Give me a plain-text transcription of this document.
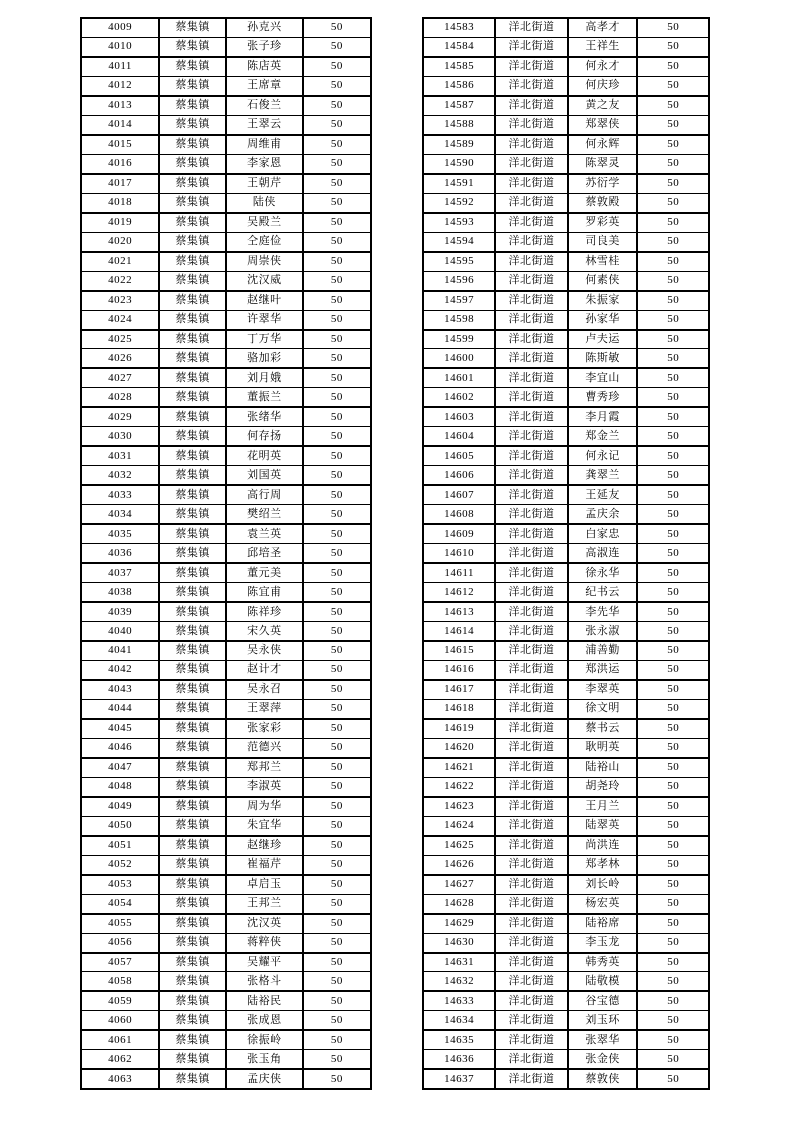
4009	蔡集镇	孙克兴	50
4010	蔡集镇	张子珍	50
4011	蔡集镇	陈店英	50
4012	蔡集镇	王席章	50
4013	蔡集镇	石俊兰	50
4014	蔡集镇	王翠云	50
4015	蔡集镇	周维甫	50
4016	蔡集镇	李家恩	50
4017	蔡集镇	王朝芹	50
4018	蔡集镇	陆侠	50
4019	蔡集镇	吴殿兰	50
4020	蔡集镇	仝庭俭	50
4021	蔡集镇	周崇侠	50
4022	蔡集镇	沈汉威	50
4023	蔡集镇	赵继叶	50
4024	蔡集镇	许翠华	50
4025	蔡集镇	丁万华	50
4026	蔡集镇	骆加彩	50
4027	蔡集镇	刘月娥	50
4028	蔡集镇	董振兰	50
4029	蔡集镇	张绪华	50
4030	蔡集镇	何存扬	50
4031	蔡集镇	花明英	50
4032	蔡集镇	刘国英	50
4033	蔡集镇	高行周	50
4034	蔡集镇	樊绍兰	50
4035	蔡集镇	袁兰英	50
4036	蔡集镇	邱培圣	50
4037	蔡集镇	董元美	50
4038	蔡集镇	陈宜甫	50
4039	蔡集镇	陈祥珍	50
4040	蔡集镇	宋久英	50
4041	蔡集镇	吴永侠	50
4042	蔡集镇	赵计才	50
4043	蔡集镇	吴永召	50
4044	蔡集镇	王翠萍	50
4045	蔡集镇	张家彩	50
4046	蔡集镇	范德兴	50
4047	蔡集镇	郑邦兰	50
4048	蔡集镇	李淑英	50
4049	蔡集镇	周为华	50
4050	蔡集镇	朱宜华	50
4051	蔡集镇	赵继珍	50
4052	蔡集镇	崔福芹	50
4053	蔡集镇	卓启玉	50
4054	蔡集镇	王邦兰	50
4055	蔡集镇	沈汉英	50
4056	蔡集镇	蒋粹侠	50
4057	蔡集镇	吴耀平	50
4058	蔡集镇	张格斗	50
4059	蔡集镇	陆裕民	50
4060	蔡集镇	张成恩	50
4061	蔡集镇	徐振岭	50
4062	蔡集镇	张玉角	50
4063	蔡集镇	孟庆侠	50
14583	洋北街道	高孝才	50
14584	洋北街道	王祥生	50
14585	洋北街道	何永才	50
14586	洋北街道	何庆珍	50
14587	洋北街道	黄之友	50
14588	洋北街道	郑翠侠	50
14589	洋北街道	何永辉	50
14590	洋北街道	陈翠灵	50
14591	洋北街道	苏衍学	50
14592	洋北街道	蔡敦殿	50
14593	洋北街道	罗彩英	50
14594	洋北街道	司良美	50
14595	洋北街道	林雪桂	50
14596	洋北街道	何素侠	50
14597	洋北街道	朱振家	50
14598	洋北街道	孙家华	50
14599	洋北街道	卢夫运	50
14600	洋北街道	陈斯敏	50
14601	洋北街道	李宜山	50
14602	洋北街道	曹秀珍	50
14603	洋北街道	李月霞	50
14604	洋北街道	郑金兰	50
14605	洋北街道	何永记	50
14606	洋北街道	龚翠兰	50
14607	洋北街道	王延友	50
14608	洋北街道	孟庆余	50
14609	洋北街道	白家忠	50
14610	洋北街道	高淑连	50
14611	洋北街道	徐永华	50
14612	洋北街道	纪书云	50
14613	洋北街道	李先华	50
14614	洋北街道	张永淑	50
14615	洋北街道	浦善勤	50
14616	洋北街道	郑洪运	50
14617	洋北街道	李翠英	50
14618	洋北街道	徐文明	50
14619	洋北街道	蔡书云	50
14620	洋北街道	耿明英	50
14621	洋北街道	陆裕山	50
14622	洋北街道	胡尧玲	50
14623	洋北街道	王月兰	50
14624	洋北街道	陆翠英	50
14625	洋北街道	尚洪连	50
14626	洋北街道	郑孝林	50
14627	洋北街道	刘长岭	50
14628	洋北街道	杨宏英	50
14629	洋北街道	陆裕席	50
14630	洋北街道	李玉龙	50
14631	洋北街道	韩秀英	50
14632	洋北街道	陆敬模	50
14633	洋北街道	谷宝德	50
14634	洋北街道	刘玉环	50
14635	洋北街道	张翠华	50
14636	洋北街道	张金侠	50
14637	洋北街道	蔡敦侠	50
